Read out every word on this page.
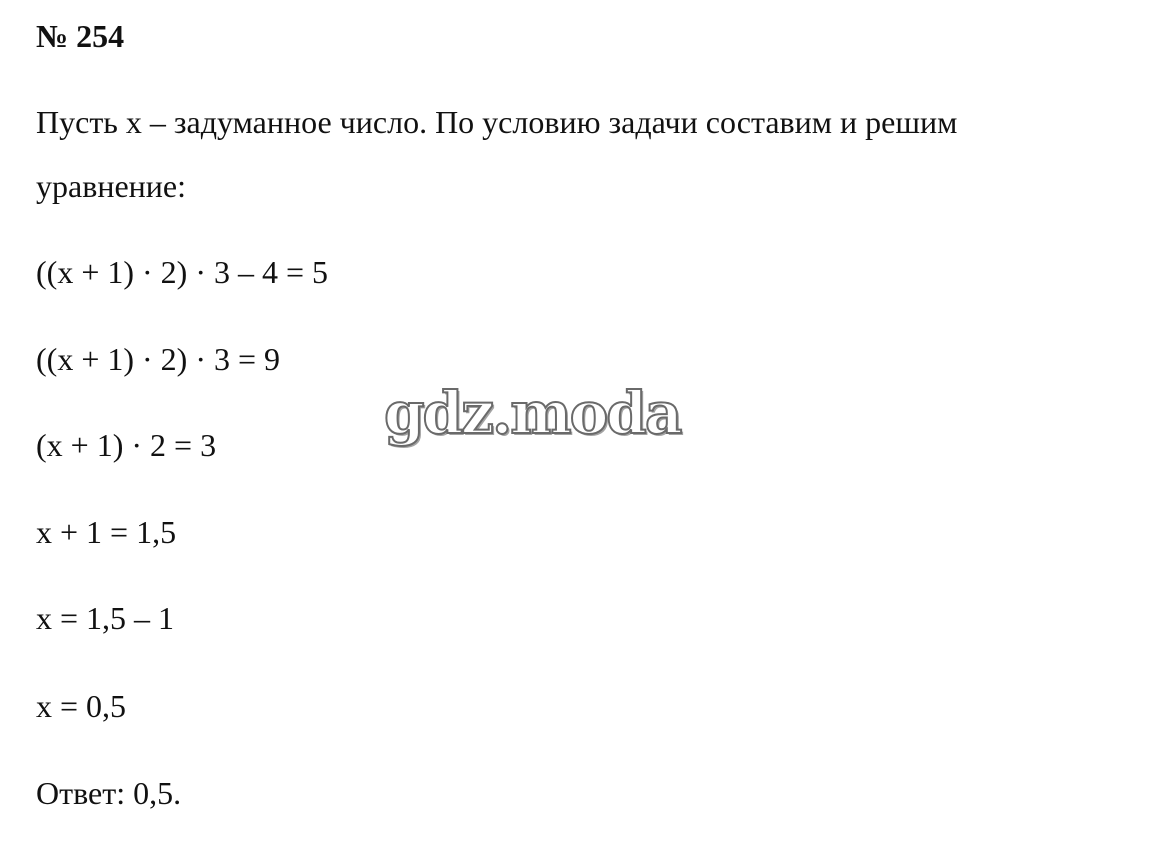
№ 254

Пусть х – задуманное число. По условию задачи составим и решим

уравнение:

((х + 1) · 2) · 3 – 4 = 5

((х + 1) · 2) · 3 = 9

(х + 1) · 2 = 3

х + 1 = 1,5

х = 1,5 – 1

х = 0,5

Ответ: 0,5.

gdz.moda
